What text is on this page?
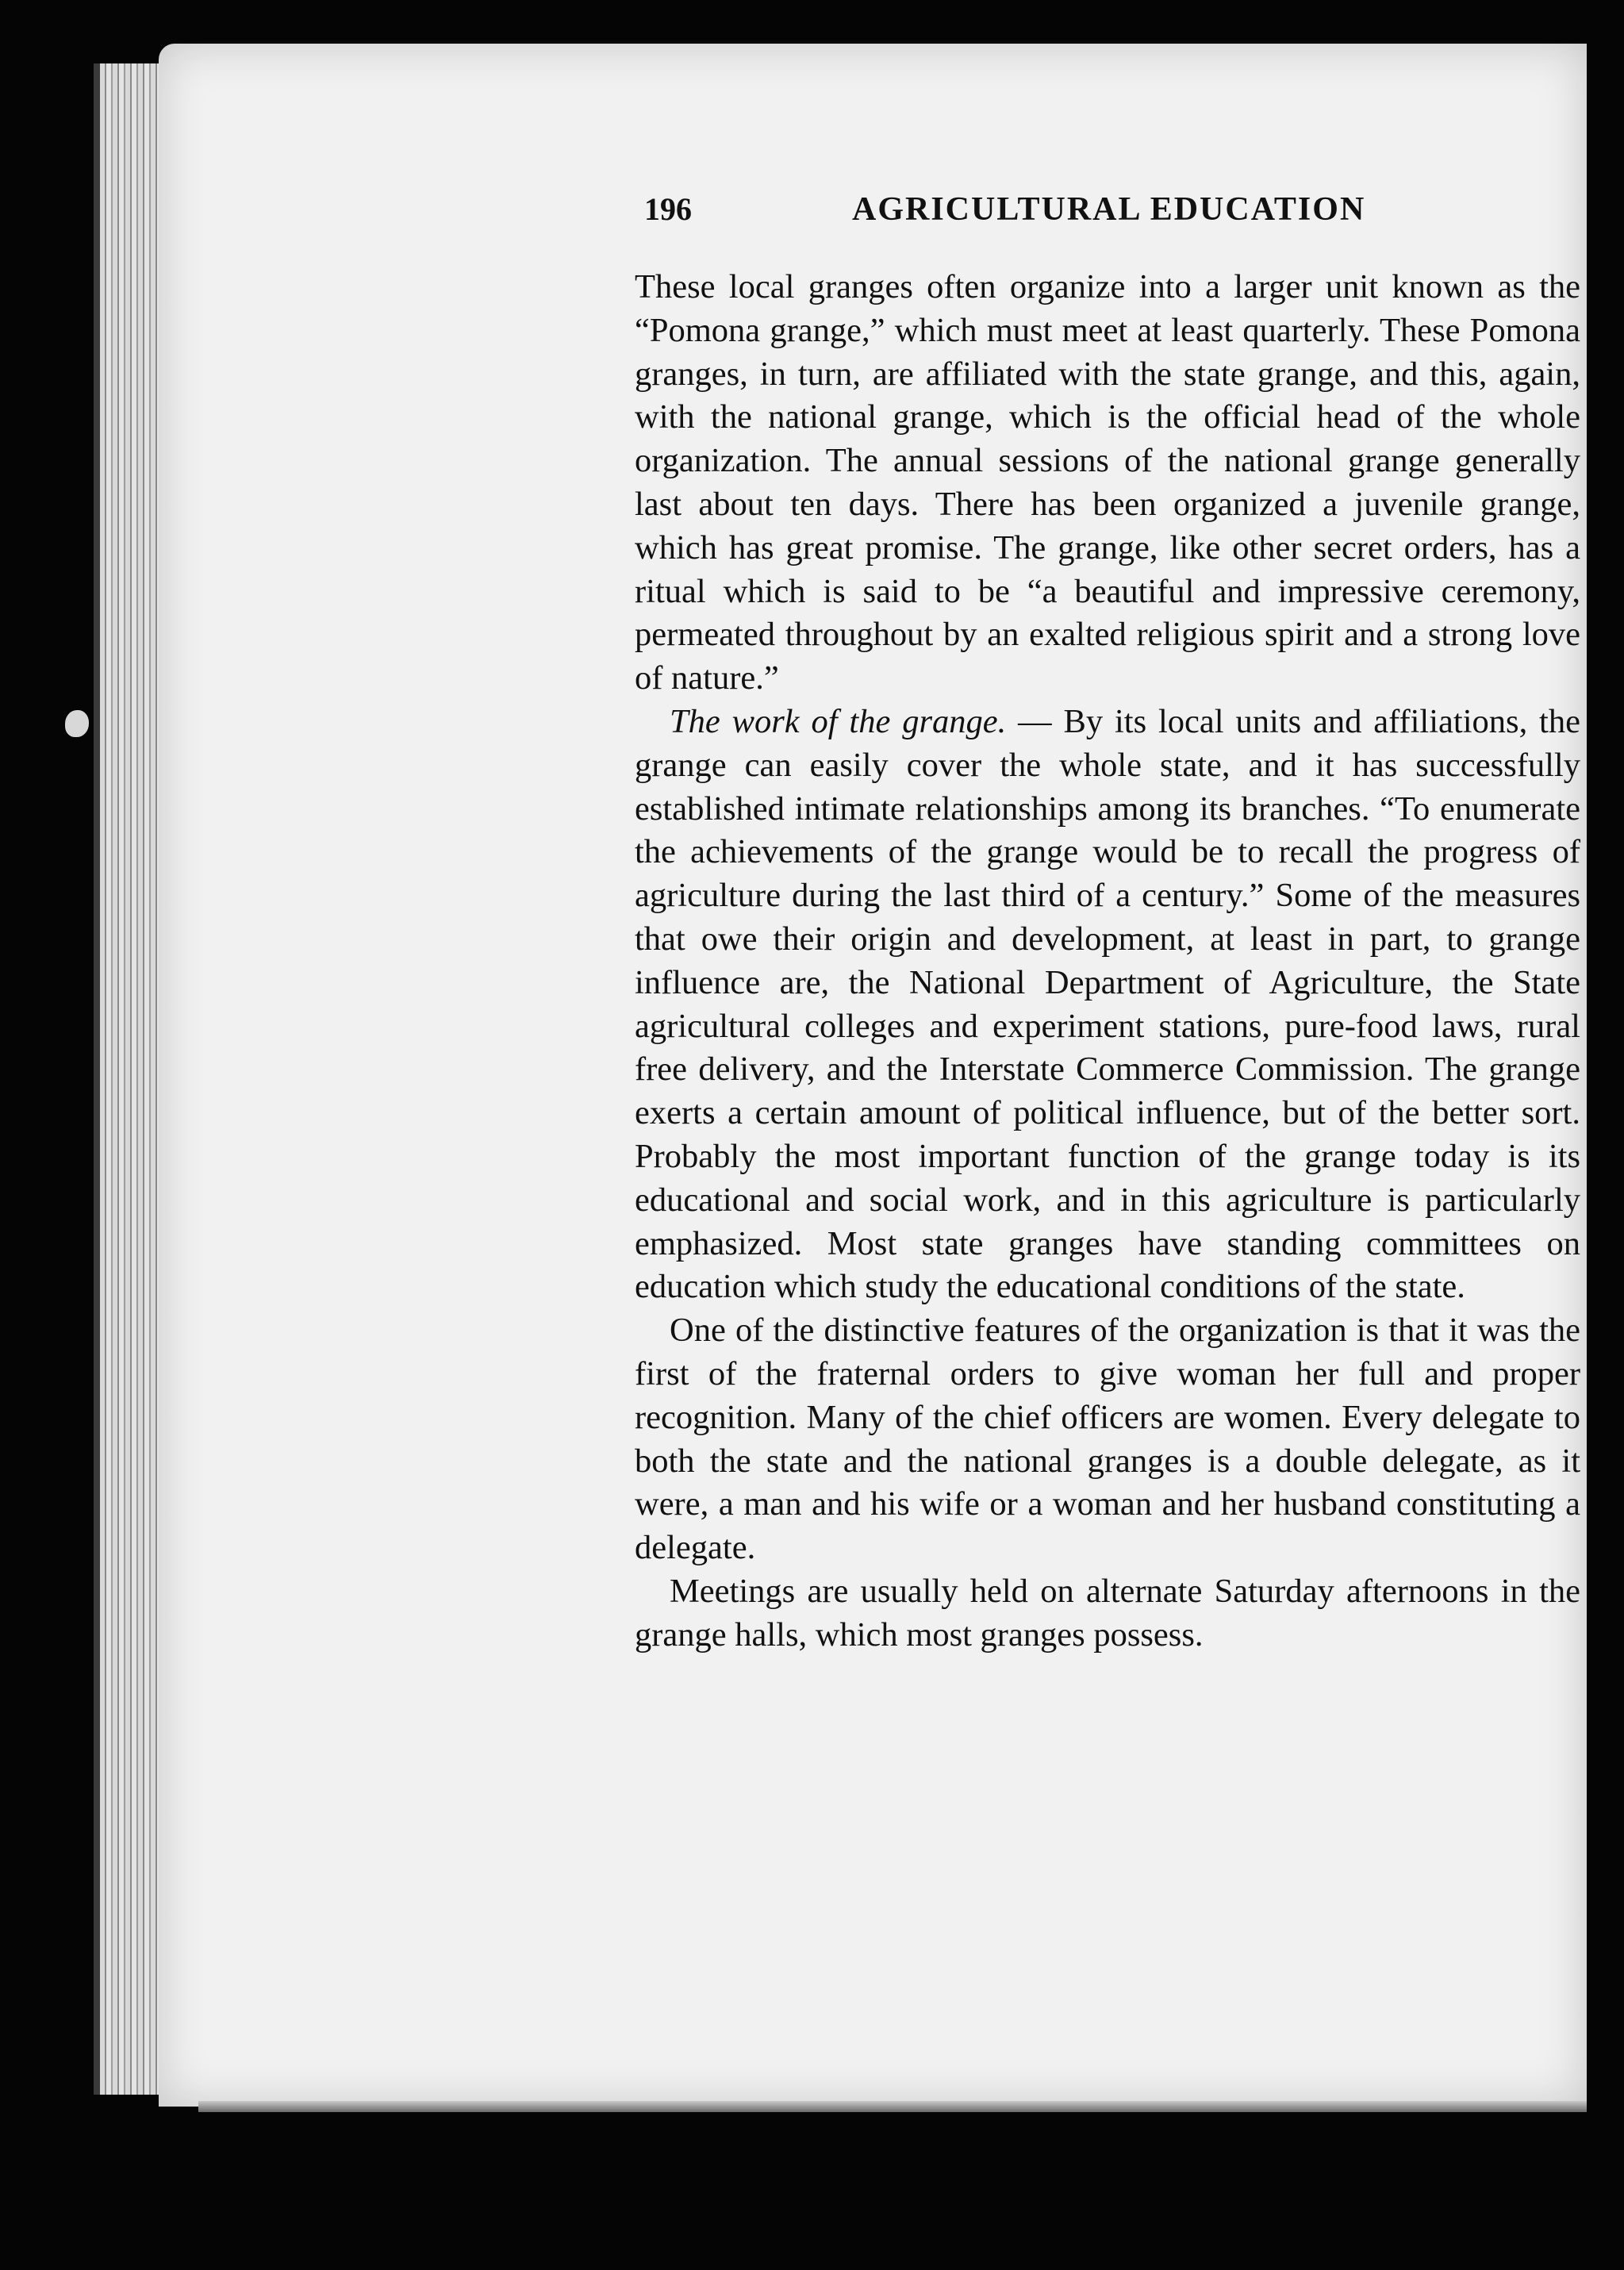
196	AGRICULTURAL EDUCATION

These local granges often organize into a larger unit known as the “Pomona grange,” which must meet at least quarterly. These Pomona granges, in turn, are affiliated with the state grange, and this, again, with the national grange, which is the official head of the whole organization. The annual sessions of the national grange generally last about ten days. There has been organized a juvenile grange, which has great promise. The grange, like other secret orders, has a ritual which is said to be “a beautiful and impressive ceremony, permeated throughout by an exalted religious spirit and a strong love of nature.”

The work of the grange. — By its local units and affiliations, the grange can easily cover the whole state, and it has successfully established intimate relationships among its branches. “To enumerate the achievements of the grange would be to recall the progress of agriculture during the last third of a century.” Some of the measures that owe their origin and development, at least in part, to grange influence are, the National Department of Agriculture, the State agricultural colleges and experiment stations, pure-food laws, rural free delivery, and the Interstate Commerce Commission. The grange exerts a certain amount of political influence, but of the better sort. Probably the most important function of the grange today is its educational and social work, and in this agriculture is particularly emphasized. Most state granges have standing committees on education which study the educational conditions of the state.

One of the distinctive features of the organization is that it was the first of the fraternal orders to give woman her full and proper recognition. Many of the chief officers are women. Every delegate to both the state and the national granges is a double delegate, as it were, a man and his wife or a woman and her husband constituting a delegate.

Meetings are usually held on alternate Saturday afternoons in the grange halls, which most granges possess.
